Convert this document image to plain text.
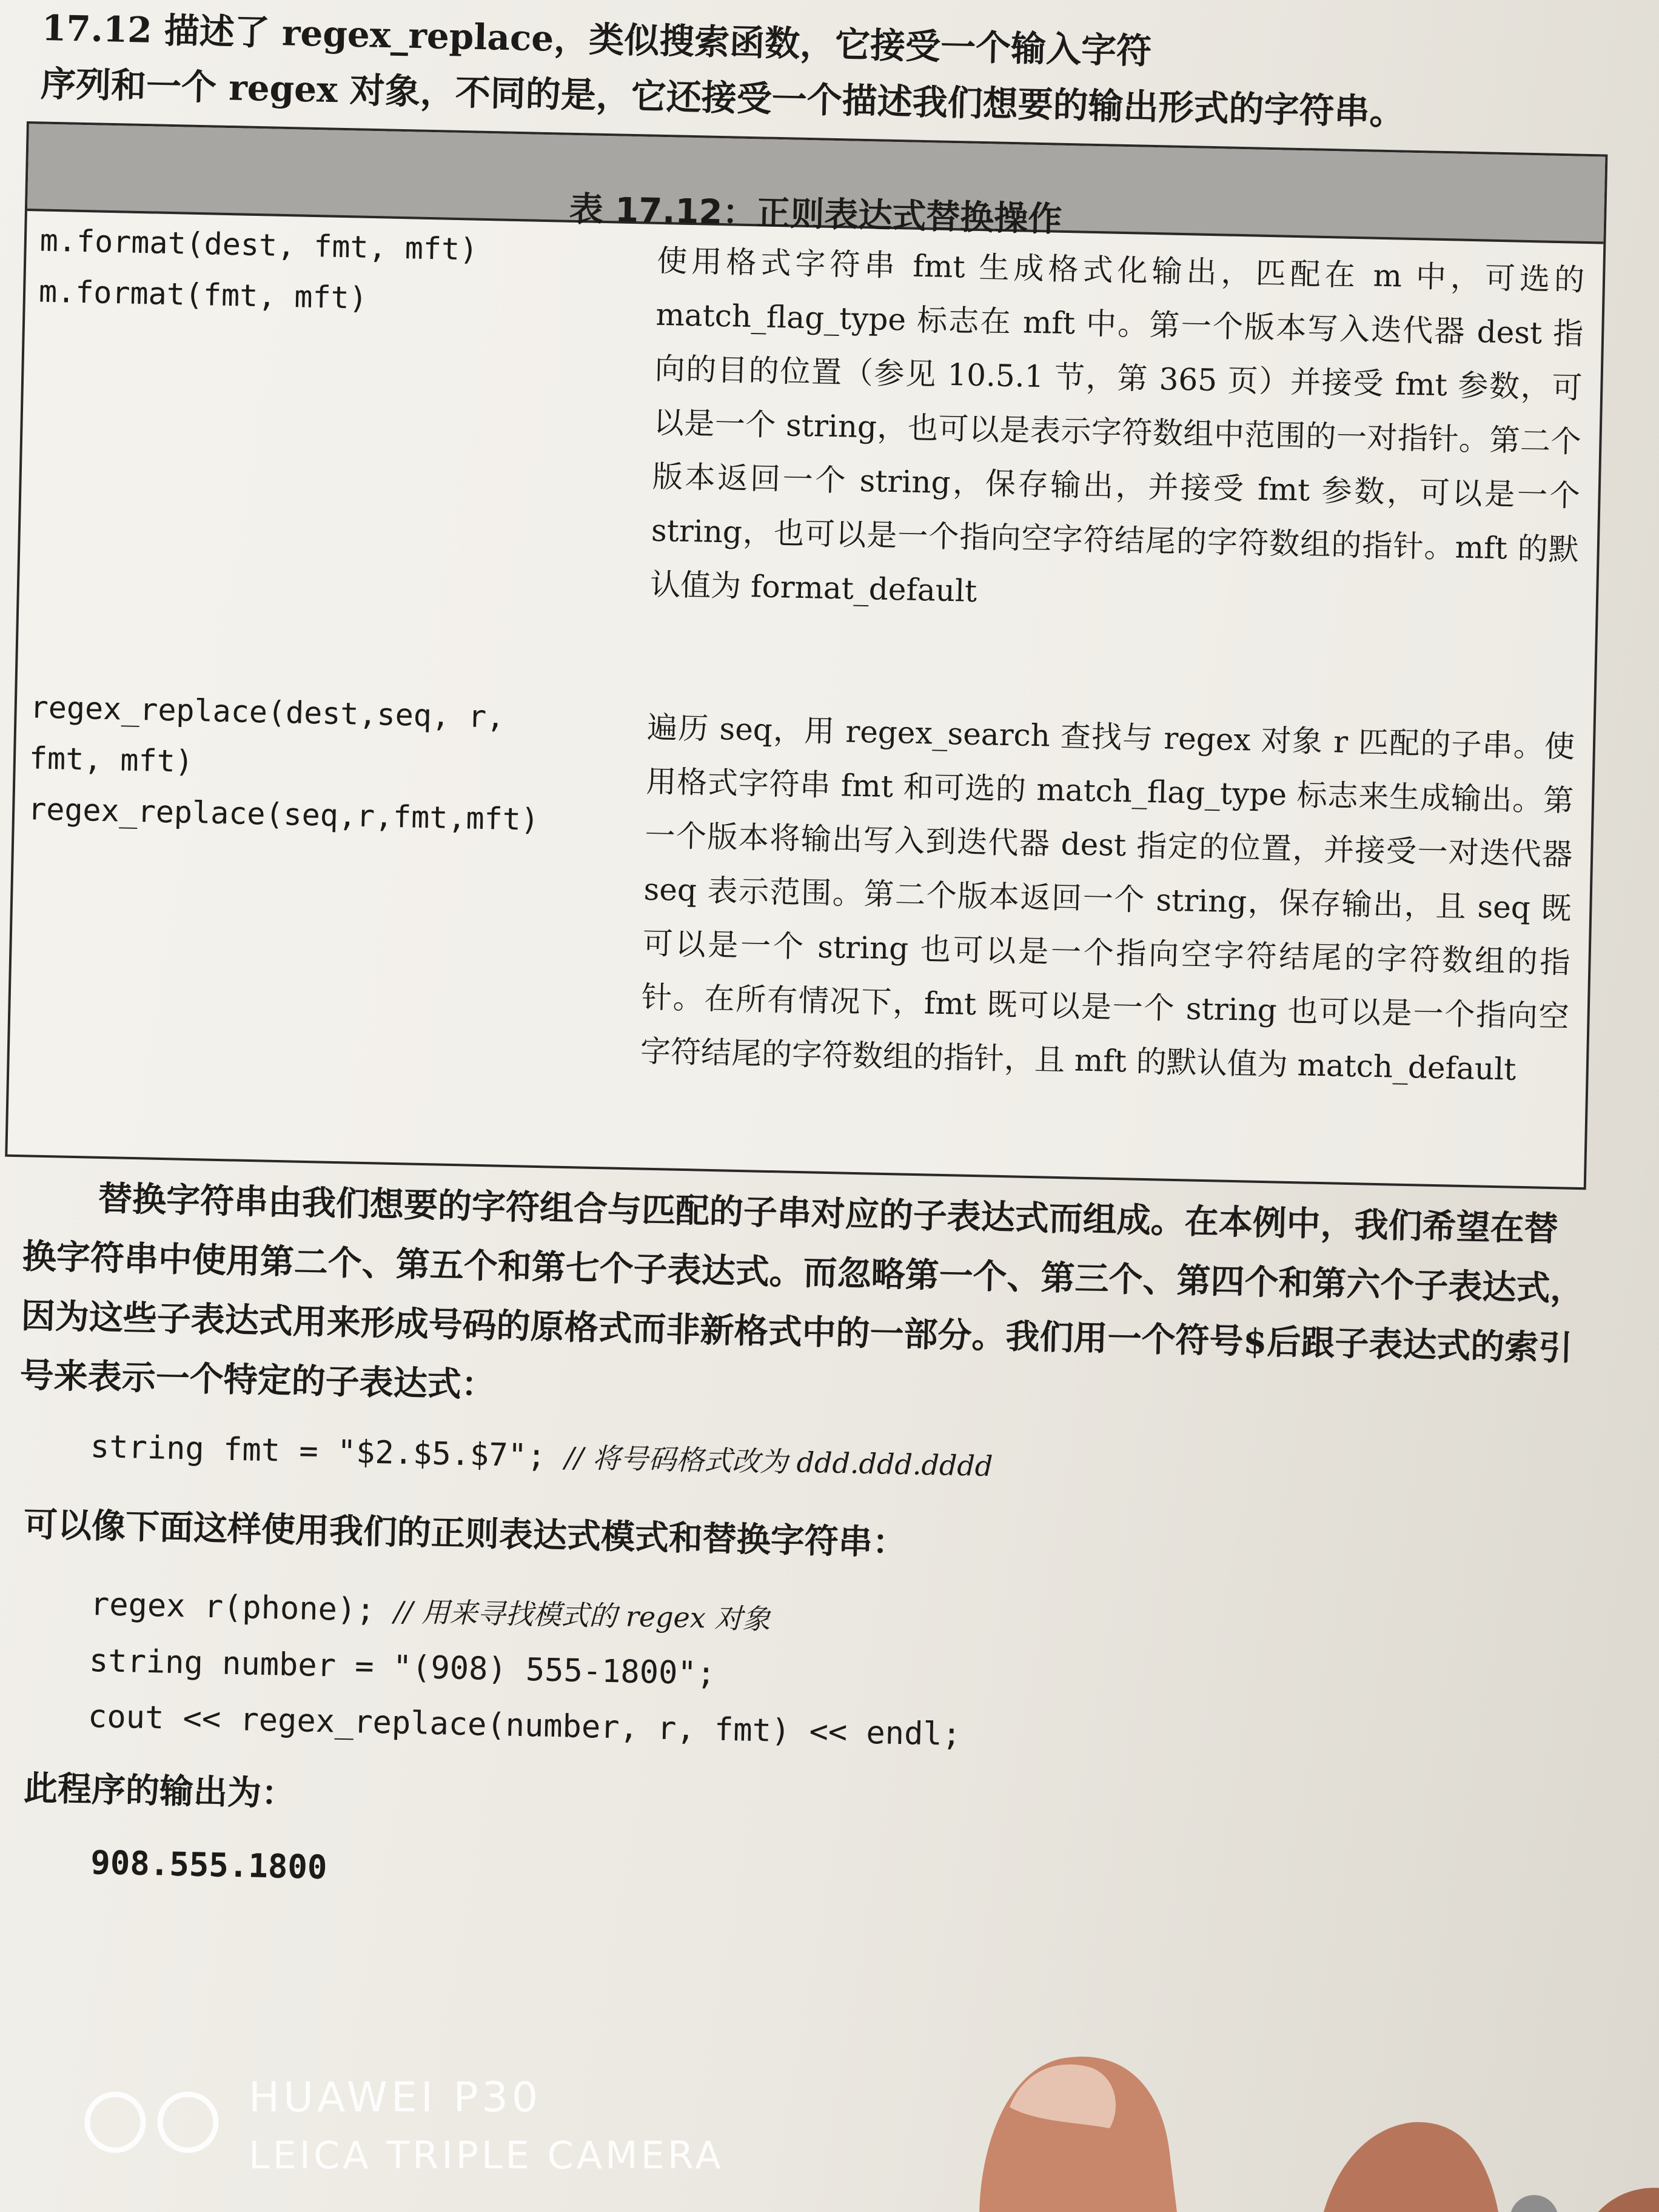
17.12 描述了 regex_replace，类似搜索函数，它接受一个输入字符
序列和一个 regex 对象，不同的是，它还接受一个描述我们想要的输出形式的字符串。
表 17.12：正则表达式替换操作
m.format(dest, fmt, mft)
m.format(fmt, mft)	使用格式字符串 fmt 生成格式化输出，匹配在 m 中，可选的 match_flag_type 标志在 mft 中。第一个版本写入迭代器 dest 指向的目的位置（参见 10.5.1 节，第 365 页）并接受 fmt 参数，可以是一个 string，也可以是表示字符数组中范围的一对指针。第二个版本返回一个 string，保存输出，并接受 fmt 参数，可以是一个 string，也可以是一个指向空字符结尾的字符数组的指针。mft 的默认值为 format_default
regex_replace(dest,seq, r,
fmt, mft)
regex_replace(seq,r,fmt,mft)
遍历 seq，用 regex_search 查找与 regex 对象 r 匹配的子串。使用格式字符串 fmt 和可选的 match_flag_type 标志来生成输出。第一个版本将输出写入到迭代器 dest 指定的位置，并接受一对迭代器 seq 表示范围。第二个版本返回一个 string，保存输出，且 seq 既可以是一个 string 也可以是一个指向空字符结尾的字符数组的指针。在所有情况下，fmt 既可以是一个 string 也可以是一个指向空字符结尾的字符数组的指针，且 mft 的默认值为 match_default

替换字符串由我们想要的字符组合与匹配的子串对应的子表达式而组成。在本例中，我们希望在替换字符串中使用第二个、第五个和第七个子表达式。而忽略第一个、第三个、第四个和第六个子表达式，因为这些子表达式用来形成号码的原格式而非新格式中的一部分。我们用一个符号$后跟子表达式的索引号来表示一个特定的子表达式：

string fmt = "$2.$5.$7"; // 将号码格式改为 ddd.ddd.dddd
可以像下面这样使用我们的正则表达式模式和替换字符串：
regex r(phone); // 用来寻找模式的 regex 对象
string number = "(908) 555-1800";
cout << regex_replace(number, r, fmt) << endl;
此程序的输出为：
908.555.1800
HUAWEI P30
LEICA TRIPLE CAMERA
